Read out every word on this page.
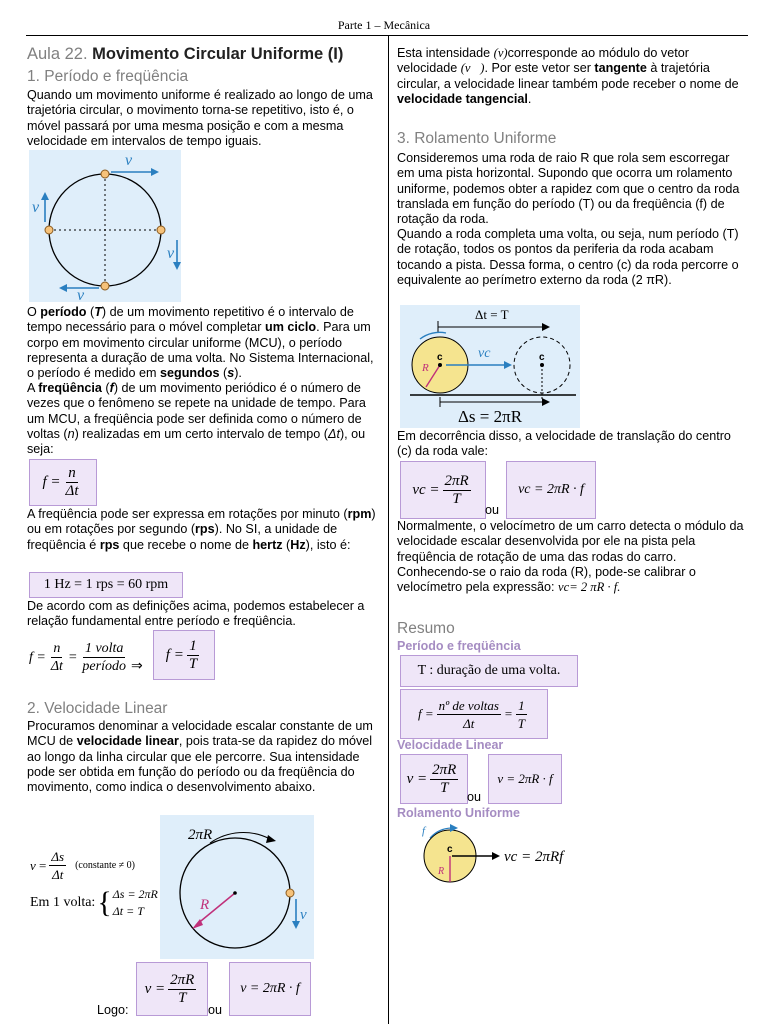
Parte 1 – Mecânica
Aula 22. Movimento Circular Uniforme (I)
1. Período e freqüência

Quando um movimento uniforme é realizado ao longo de uma trajetória circular, o movimento torna-se repetitivo, isto é, o móvel passará por uma mesma posição e com a mesma velocidade em intervalos de tempo iguais.

v
v
v
v

O período (T) de um movimento repetitivo é o intervalo de tempo necessário para o móvel completar um ciclo. Para um corpo em movimento circular uniforme (MCU), o período representa a duração de uma volta. No Sistema Internacional, o período é medido em segundos (s).

A freqüência (f) de um movimento periódico é o número de vezes que o fenômeno se repete na unidade de tempo. Para um MCU, a freqüência pode ser definida como o número de voltas (n) realizadas em um certo intervalo de tempo (Δt), ou seja:

f =
n
Δt

A freqüência pode ser expressa em rotações por minuto (rpm) ou em rotações por segundo (rps). No SI, a unidade de freqüência é rps que recebe o nome de hertz (Hz), isto é:

1 Hz = 1 rps = 60 rpm

De acordo com as definições acima, podemos estabelecer a relação fundamental entre período e freqüência.

f =
n
Δt
=
1 volta
período ⇒
f =
1
T
2. Velocidade Linear

Procuramos denominar a velocidade escalar constante de um MCU de velocidade linear, pois trata-se da rapidez do móvel ao longo da linha circular que ele percorre. Sua intensidade pode ser obtida em função do período ou da freqüência do movimento, como indica o desenvolvimento abaixo.

v =
Δs
Δt
(constante ≠ 0)
Em 1 volta: { Δs = 2πR
Δt = T
2πR
R
v
Logo:
$v = \frac{2\pi R}{T}$
ou
v = 2πR · f

Esta intensidade (v)corresponde ao módulo do vetor velocidade (v⃗). Por este vetor ser tangente à trajetória circular, a velocidade linear também pode receber o nome de velocidade tangencial.

3. Rolamento Uniforme

Consideremos uma roda de raio R que rola sem escorregar em uma pista horizontal. Supondo que ocorra um rolamento uniforme, podemos obter a rapidez com que o centro da roda translada em função do período (T) ou da freqüência (f) de rotação da roda.

Quando a roda completa uma volta, ou seja, num período (T) de rotação, todos os pontos da periferia da roda acabam tocando a pista. Dessa forma, o centro (c) da roda percorre o equivalente ao perímetro externo da roda (2 πR).

Δt = T
vc
c	c
R
Δs = 2πR

Em decorrência disso, a velocidade de translação do centro (c) da roda vale:

vc = $\frac{2\pi R}{T}$
ou
vc = 2πR · f

Normalmente, o velocímetro de um carro detecta o módulo da velocidade escalar desenvolvida por ele na pista pela freqüência de rotação de uma das rodas do carro. Conhecendo-se o raio da roda (R), pode-se calibrar o velocímetro pela expressão: vc= 2 πR · f.

Resumo
Período e freqüência
T : duração de uma volta.
f =
nº de voltas
Δt
=
1
T
Velocidade Linear
$v = \frac{2\pi R}{T}$
ou
v = 2πR · f
Rolamento Uniforme
f
c
R
vc = 2πRf
